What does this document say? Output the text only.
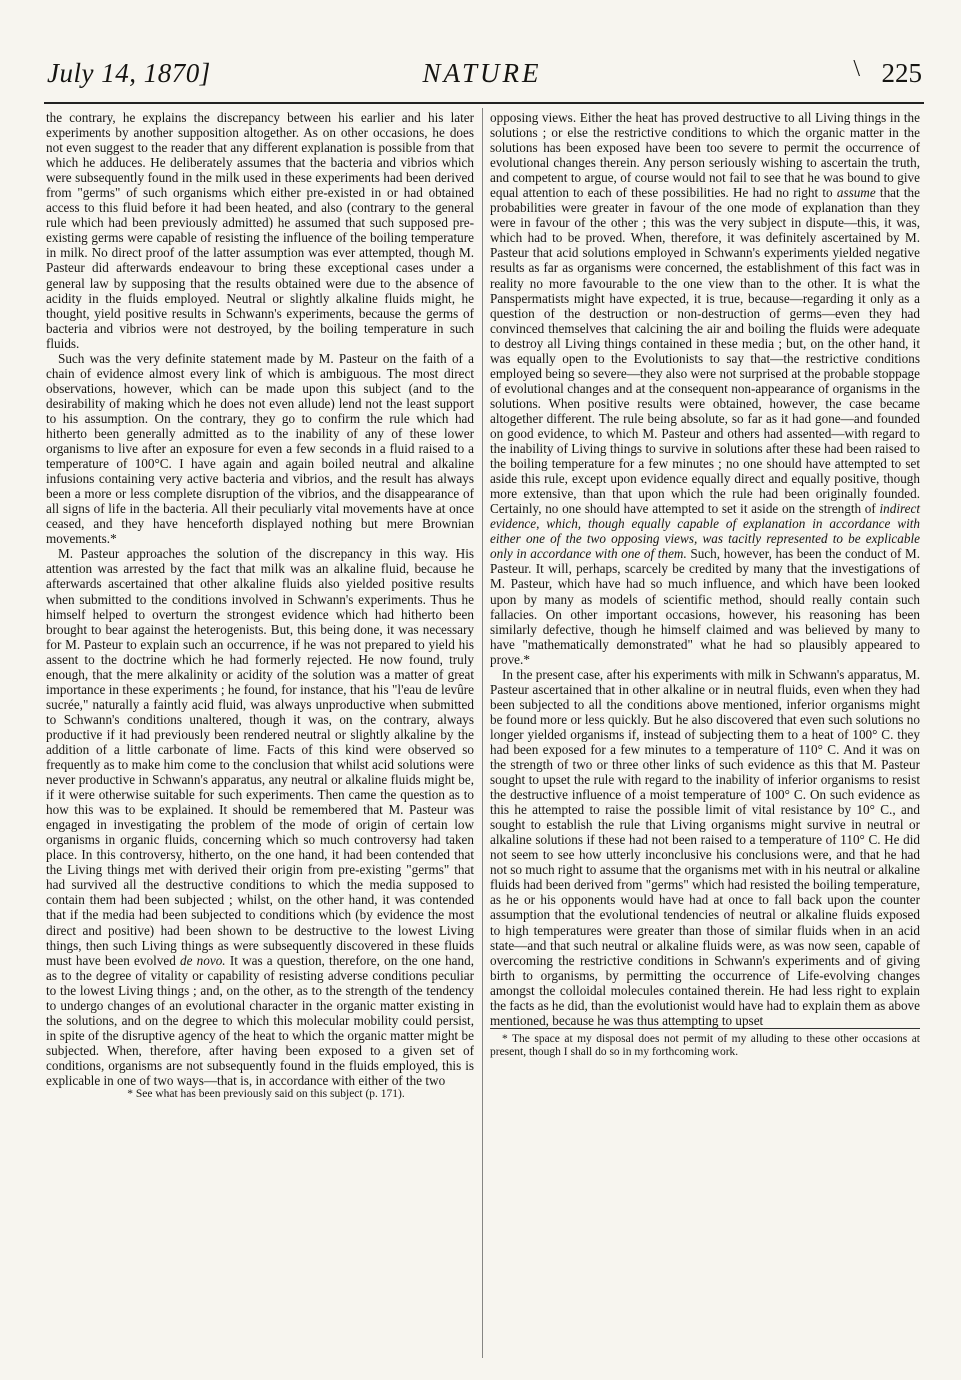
July 14, 1870]	NATURE	\ 225

the contrary, he explains the discrepancy between his earlier and his later experiments by another supposition altogether. As on other occasions, he does not even suggest to the reader that any different explanation is possible from that which he adduces. He deliberately assumes that the bacteria and vibrios which were subsequently found in the milk used in these experiments had been derived from "germs" of such organisms which either pre-existed in or had obtained access to this fluid before it had been heated, and also (contrary to the general rule which had been previously admitted) he assumed that such supposed pre-existing germs were capable of resisting the influence of the boiling temperature in milk. No direct proof of the latter assumption was ever attempted, though M. Pasteur did afterwards endeavour to bring these exceptional cases under a general law by supposing that the results obtained were due to the absence of acidity in the fluids employed. Neutral or slightly alkaline fluids might, he thought, yield positive results in Schwann's experiments, because the germs of bacteria and vibrios were not destroyed, by the boiling temperature in such fluids.

Such was the very definite statement made by M. Pasteur on the faith of a chain of evidence almost every link of which is ambiguous. The most direct observations, however, which can be made upon this subject (and to the desirability of making which he does not even allude) lend not the least support to his assumption. On the contrary, they go to confirm the rule which had hitherto been generally admitted as to the inability of any of these lower organisms to live after an exposure for even a few seconds in a fluid raised to a temperature of 100°C. I have again and again boiled neutral and alkaline infusions containing very active bacteria and vibrios, and the result has always been a more or less complete disruption of the vibrios, and the disappearance of all signs of life in the bacteria. All their peculiarly vital movements have at once ceased, and they have henceforth displayed nothing but mere Brownian movements.*

M. Pasteur approaches the solution of the discrepancy in this way. His attention was arrested by the fact that milk was an alkaline fluid, because he afterwards ascertained that other alkaline fluids also yielded positive results when submitted to the conditions involved in Schwann's experiments. Thus he himself helped to overturn the strongest evidence which had hitherto been brought to bear against the heterogenists. But, this being done, it was necessary for M. Pasteur to explain such an occurrence, if he was not prepared to yield his assent to the doctrine which he had formerly rejected. He now found, truly enough, that the mere alkalinity or acidity of the solution was a matter of great importance in these experiments ; he found, for instance, that his "l'eau de levûre sucrée," naturally a faintly acid fluid, was always unproductive when submitted to Schwann's conditions unaltered, though it was, on the contrary, always productive if it had previously been rendered neutral or slightly alkaline by the addition of a little carbonate of lime. Facts of this kind were observed so frequently as to make him come to the conclusion that whilst acid solutions were never productive in Schwann's apparatus, any neutral or alkaline fluids might be, if it were otherwise suitable for such experiments. Then came the question as to how this was to be explained. It should be remembered that M. Pasteur was engaged in investigating the problem of the mode of origin of certain low organisms in organic fluids, concerning which so much controversy had taken place. In this controversy, hitherto, on the one hand, it had been contended that the Living things met with derived their origin from pre-existing "germs" that had survived all the destructive conditions to which the media supposed to contain them had been subjected ; whilst, on the other hand, it was contended that if the media had been subjected to conditions which (by evidence the most direct and positive) had been shown to be destructive to the lowest Living things, then such Living things as were subsequently discovered in these fluids must have been evolved de novo. It was a question, therefore, on the one hand, as to the degree of vitality or capability of resisting adverse conditions peculiar to the lowest Living things ; and, on the other, as to the strength of the tendency to undergo changes of an evolutional character in the organic matter existing in the solutions, and on the degree to which this molecular mobility could persist, in spite of the disruptive agency of the heat to which the organic matter might be subjected. When, therefore, after having been exposed to a given set of conditions, organisms are not subsequently found in the fluids employed, this is explicable in one of two ways—that is, in accordance with either of the two

* See what has been previously said on this subject (p. 171).

opposing views. Either the heat has proved destructive to all Living things in the solutions ; or else the restrictive conditions to which the organic matter in the solutions has been exposed have been too severe to permit the occurrence of evolutional changes therein. Any person seriously wishing to ascertain the truth, and competent to argue, of course would not fail to see that he was bound to give equal attention to each of these possibilities. He had no right to assume that the probabilities were greater in favour of the one mode of explanation than they were in favour of the other ; this was the very subject in dispute—this, it was, which had to be proved. When, therefore, it was definitely ascertained by M. Pasteur that acid solutions employed in Schwann's experiments yielded negative results as far as organisms were concerned, the establishment of this fact was in reality no more favourable to the one view than to the other. It is what the Panspermatists might have expected, it is true, because—regarding it only as a question of the destruction or non-destruction of germs—even they had convinced themselves that calcining the air and boiling the fluids were adequate to destroy all Living things contained in these media ; but, on the other hand, it was equally open to the Evolutionists to say that—the restrictive conditions employed being so severe—they also were not surprised at the probable stoppage of evolutional changes and at the consequent non-appearance of organisms in the solutions. When positive results were obtained, however, the case became altogether different. The rule being absolute, so far as it had gone—and founded on good evidence, to which M. Pasteur and others had assented—with regard to the inability of Living things to survive in solutions after these had been raised to the boiling temperature for a few minutes ; no one should have attempted to set aside this rule, except upon evidence equally direct and equally positive, though more extensive, than that upon which the rule had been originally founded. Certainly, no one should have attempted to set it aside on the strength of indirect evidence, which, though equally capable of explanation in accordance with either one of the two opposing views, was tacitly represented to be explicable only in accordance with one of them. Such, however, has been the conduct of M. Pasteur. It will, perhaps, scarcely be credited by many that the investigations of M. Pasteur, which have had so much influence, and which have been looked upon by many as models of scientific method, should really contain such fallacies. On other important occasions, however, his reasoning has been similarly defective, though he himself claimed and was believed by many to have "mathematically demonstrated" what he had so plausibly appeared to prove.*

In the present case, after his experiments with milk in Schwann's apparatus, M. Pasteur ascertained that in other alkaline or in neutral fluids, even when they had been subjected to all the conditions above mentioned, inferior organisms might be found more or less quickly. But he also discovered that even such solutions no longer yielded organisms if, instead of subjecting them to a heat of 100° C. they had been exposed for a few minutes to a temperature of 110° C. And it was on the strength of two or three other links of such evidence as this that M. Pasteur sought to upset the rule with regard to the inability of inferior organisms to resist the destructive influence of a moist temperature of 100° C. On such evidence as this he attempted to raise the possible limit of vital resistance by 10° C., and sought to establish the rule that Living organisms might survive in neutral or alkaline solutions if these had not been raised to a temperature of 110° C. He did not seem to see how utterly inconclusive his conclusions were, and that he had not so much right to assume that the organisms met with in his neutral or alkaline fluids had been derived from "germs" which had resisted the boiling temperature, as he or his opponents would have had at once to fall back upon the counter assumption that the evolutional tendencies of neutral or alkaline fluids exposed to high temperatures were greater than those of similar fluids when in an acid state—and that such neutral or alkaline fluids were, as was now seen, capable of overcoming the restrictive conditions in Schwann's experiments and of giving birth to organisms, by permitting the occurrence of Life-evolving changes amongst the colloidal molecules contained therein. He had less right to explain the facts as he did, than the evolutionist would have had to explain them as above mentioned, because he was thus attempting to upset

* The space at my disposal does not permit of my alluding to these other occasions at present, though I shall do so in my forthcoming work.
